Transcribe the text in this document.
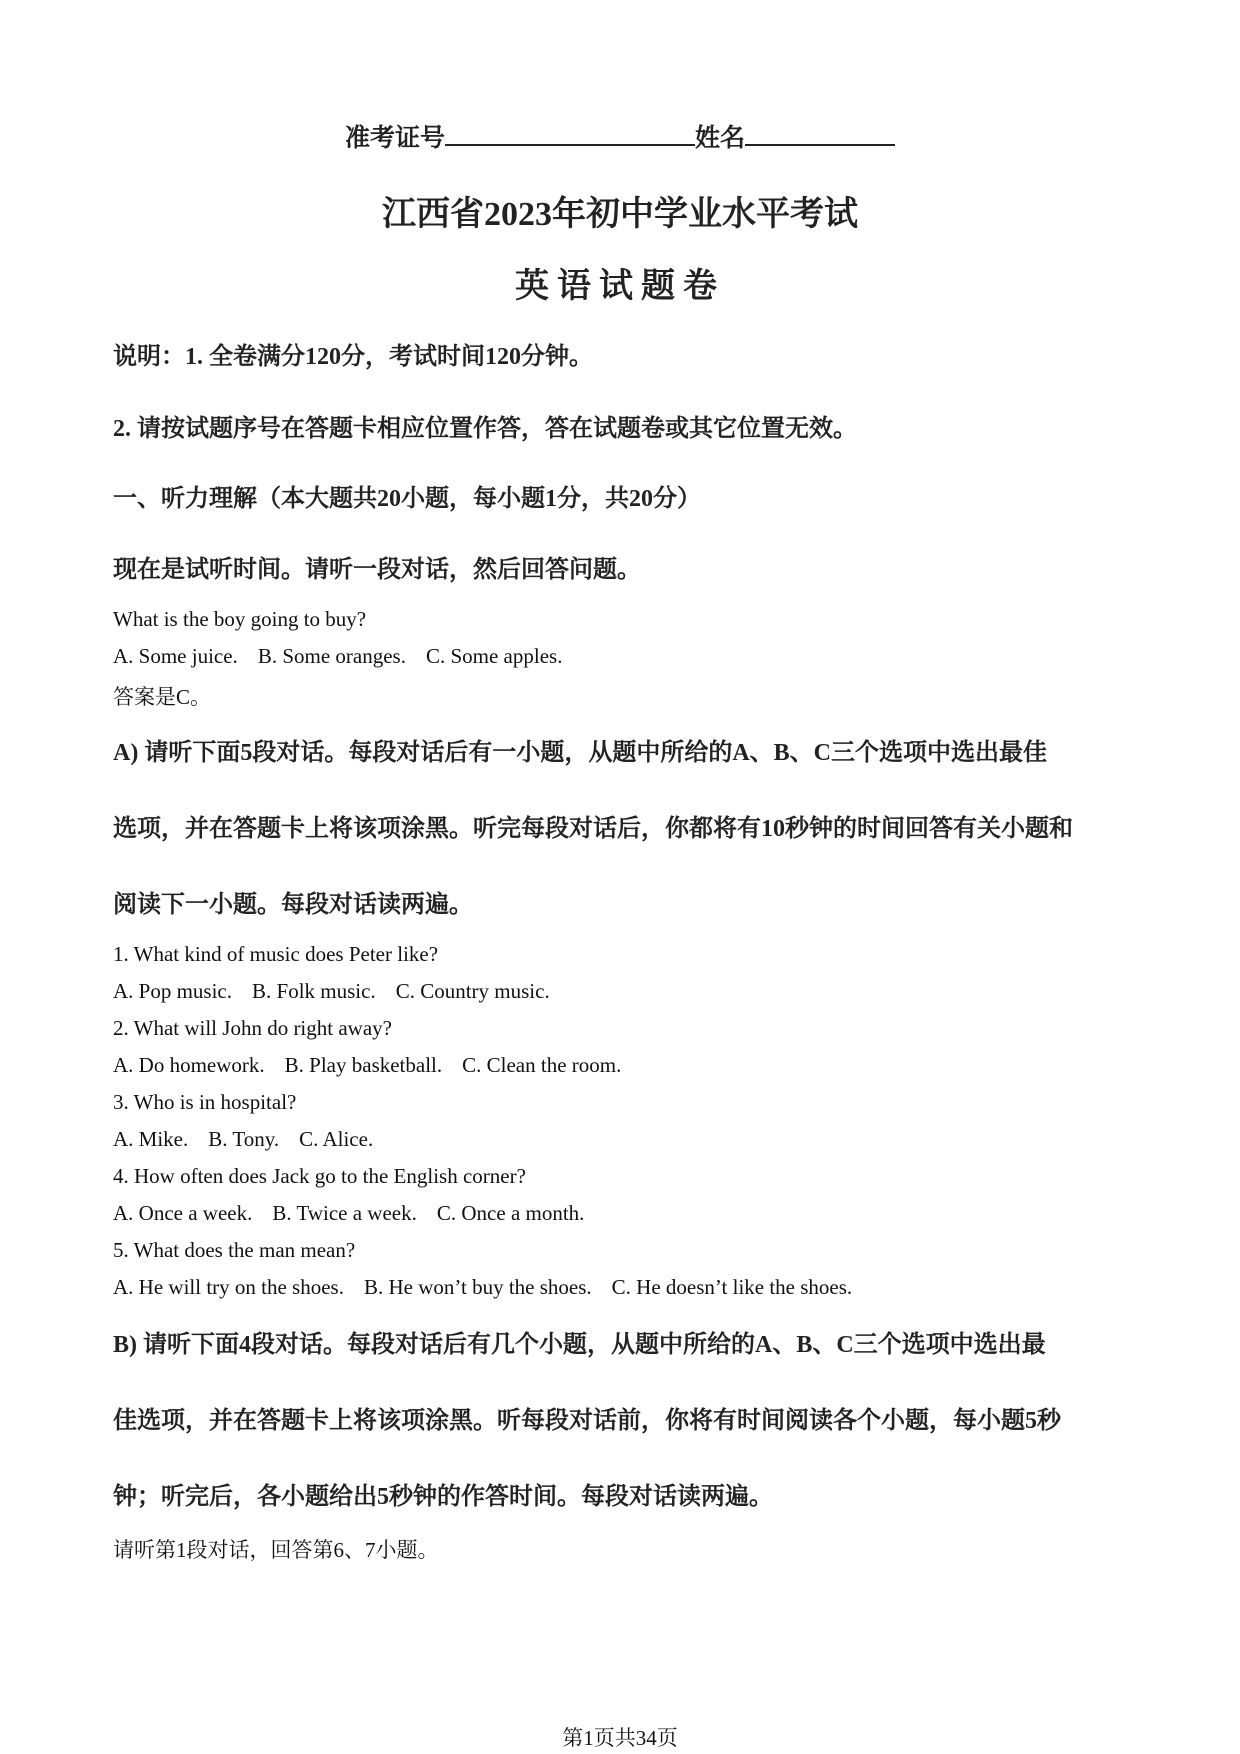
准考证号	姓名
江西省2023年初中学业水平考试
英语试题卷
说明：1. 全卷满分120分，考试时间120分钟。
2. 请按试题序号在答题卡相应位置作答，答在试题卷或其它位置无效。
一、听力理解（本大题共20小题，每小题1分，共20分）
现在是试听时间。请听一段对话，然后回答问题。
What is the boy going to buy?
A. Some juice. B. Some oranges. C. Some apples.
答案是C。
A) 请听下面5段对话。每段对话后有一小题，从题中所给的A、B、C三个选项中选出最佳
选项，并在答题卡上将该项涂黑。听完每段对话后，你都将有10秒钟的时间回答有关小题和
阅读下一小题。每段对话读两遍。
1. What kind of music does Peter like?
A. Pop music. B. Folk music. C. Country music.
2. What will John do right away?
A. Do homework. B. Play basketball. C. Clean the room.
3. Who is in hospital?
A. Mike. B. Tony. C. Alice.
4. How often does Jack go to the English corner?
A. Once a week. B. Twice a week. C. Once a month.
5. What does the man mean?
A. He will try on the shoes. B. He won’t buy the shoes. C. He doesn’t like the shoes.
B) 请听下面4段对话。每段对话后有几个小题，从题中所给的A、B、C三个选项中选出最
佳选项，并在答题卡上将该项涂黑。听每段对话前，你将有时间阅读各个小题，每小题5秒
钟；听完后，各小题给出5秒钟的作答时间。每段对话读两遍。
请听第1段对话，回答第6、7小题。
第1页共34页
